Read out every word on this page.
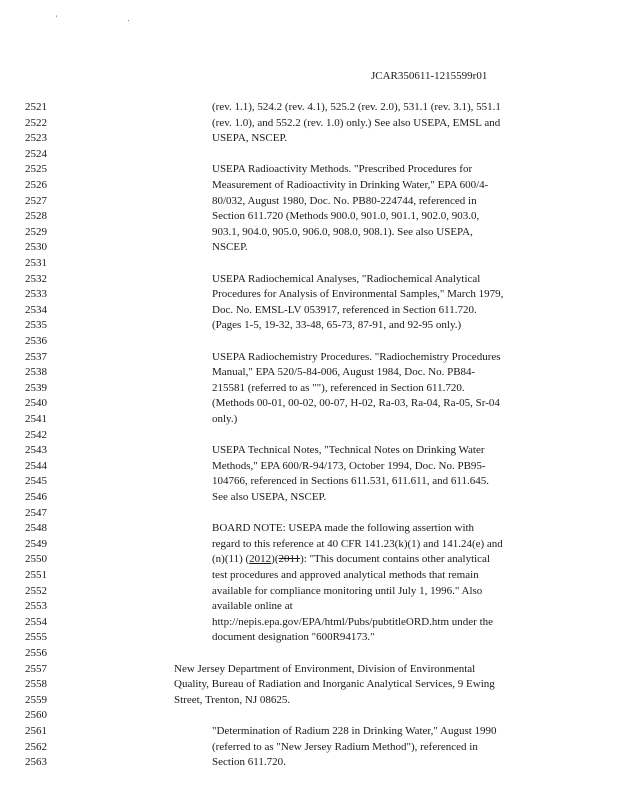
' .
JCAR350611-1215599r01
2521	(rev. 1.1), 524.2 (rev. 4.1), 525.2 (rev. 2.0), 531.1 (rev. 3.1), 551.1
2522	(rev. 1.0), and 552.2 (rev. 1.0) only.) See also USEPA, EMSL and
2523	USEPA, NSCEP.
2524
2525	USEPA Radioactivity Methods. "Prescribed Procedures for
2526	Measurement of Radioactivity in Drinking Water," EPA 600/4-
2527	80/032, August 1980, Doc. No. PB80-224744, referenced in
2528	Section 611.720 (Methods 900.0, 901.0, 901.1, 902.0, 903.0,
2529	903.1, 904.0, 905.0, 906.0, 908.0, 908.1). See also USEPA,
2530	NSCEP.
2531
2532	USEPA Radiochemical Analyses, "Radiochemical Analytical
2533	Procedures for Analysis of Environmental Samples," March 1979,
2534	Doc. No. EMSL-LV 053917, referenced in Section 611.720.
2535	(Pages 1-5, 19-32, 33-48, 65-73, 87-91, and 92-95 only.)
2536
2537	USEPA Radiochemistry Procedures. "Radiochemistry Procedures
2538	Manual," EPA 520/5-84-006, August 1984, Doc. No. PB84-
2539	215581 (referred to as ""), referenced in Section 611.720.
2540	(Methods 00-01, 00-02, 00-07, H-02, Ra-03, Ra-04, Ra-05, Sr-04
2541	only.)
2542
2543	USEPA Technical Notes, "Technical Notes on Drinking Water
2544	Methods," EPA 600/R-94/173, October 1994, Doc. No. PB95-
2545	104766, referenced in Sections 611.531, 611.611, and 611.645.
2546	See also USEPA, NSCEP.
2547
2548	BOARD NOTE: USEPA made the following assertion with
2549	regard to this reference at 40 CFR 141.23(k)(1) and 141.24(e) and
2550	(n)(11) (2012)(2011): "This document contains other analytical
2551	test procedures and approved analytical methods that remain
2552	available for compliance monitoring until July 1, 1996." Also
2553	available online at
2554	http://nepis.epa.gov/EPA/html/Pubs/pubtitleORD.htm under the
2555	document designation "600R94173."
2556
2557	New Jersey Department of Environment, Division of Environmental
2558	Quality, Bureau of Radiation and Inorganic Analytical Services, 9 Ewing
2559	Street, Trenton, NJ 08625.
2560
2561	"Determination of Radium 228 in Drinking Water," August 1990
2562	(referred to as "New Jersey Radium Method"), referenced in
2563	Section 611.720.
